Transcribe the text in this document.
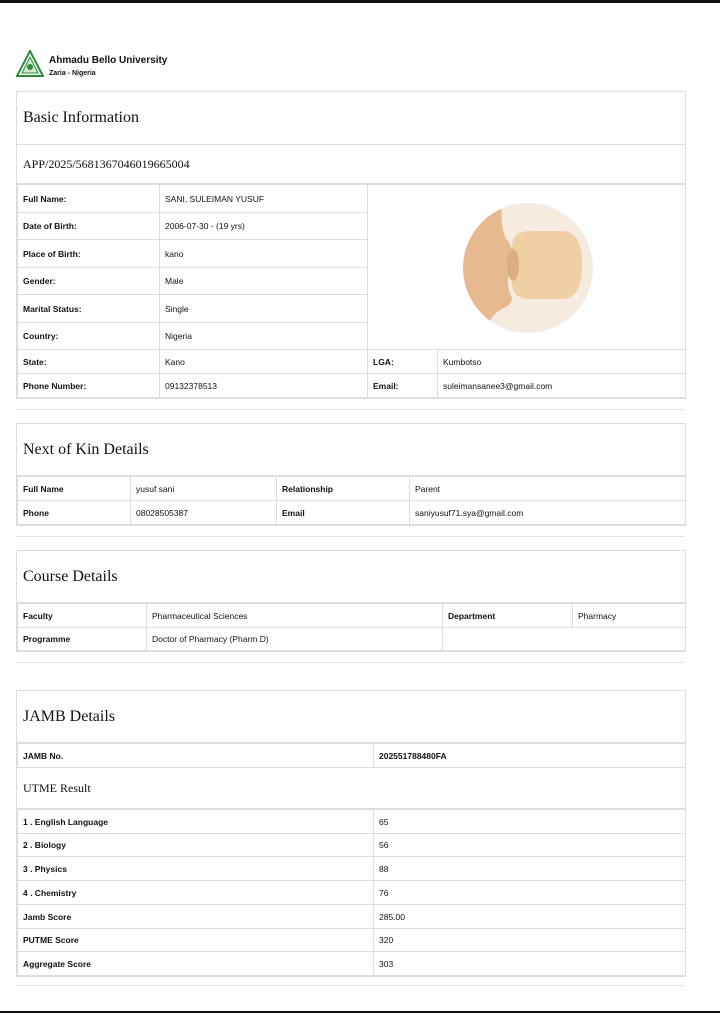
Ahmadu Bello University
Zaria - Nigeria
Basic Information
APP/2025/5681367046019665004
Full Name:	SANI, SULEIMAN YUSUF	

Date of Birth:	2006-07-30 - (19 yrs)		
Place of Birth:	kano		
Gender:	Male		
Marital Status:	Single		
Country:	Nigeria		
State:	Kano	LGA:	Kumbotso
Phone Number:	09132378513	Email:	suleimansanee3@gmail.com
Next of Kin Details
Full Name	yusuf sani	Relationship	Parent
Phone	08028505387	Email	saniyusuf71.sya@gmail.com
Course Details
Faculty	Pharmaceutical Sciences	Department	Pharmacy
Programme	Doctor of Pharmacy (Pharm D)		
JAMB Details
JAMB No.	202551788480FA
UTME Result
1 . English Language	65
2 . Biology	56
3 . Physics	88
4 . Chemistry	76
Jamb Score	285.00
PUTME Score	320
Aggregate Score	303
